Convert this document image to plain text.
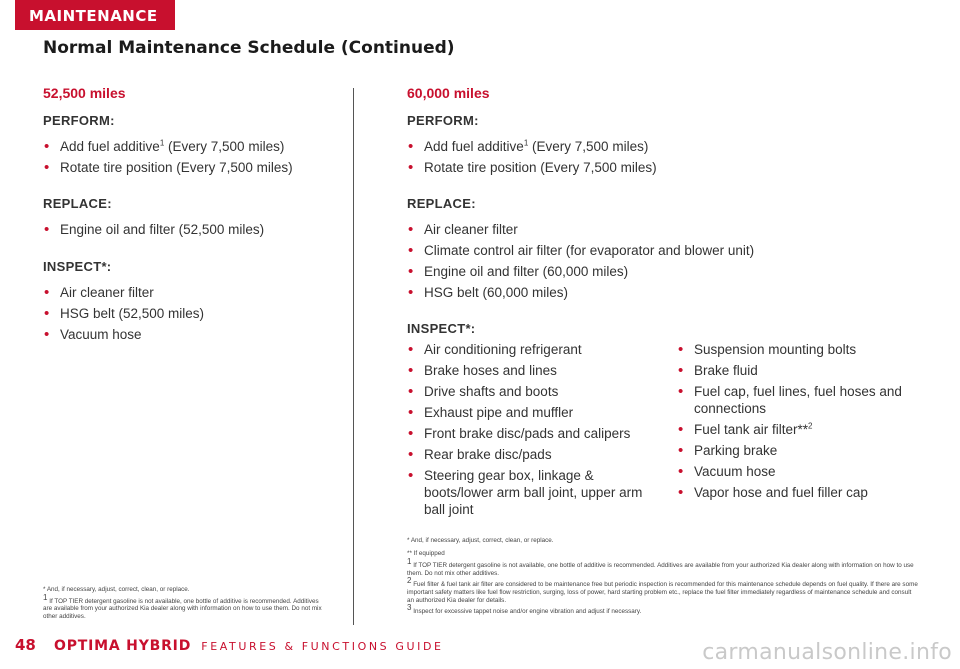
MAINTENANCE
Normal Maintenance Schedule (Continued)
52,500 miles
PERFORM:
• Add fuel additive$^1$ (Every 7,500 miles)
• Rotate tire position (Every 7,500 miles)
REPLACE:
• Engine oil and filter (52,500 miles)
INSPECT*:
• Air cleaner filter
• HSG belt (52,500 miles)
• Vacuum hose
* And, if necessary, adjust, correct, clean, or replace.
$^1$ If TOP TIER detergent gasoline is not available, one bottle of additive is recommended. Additives are available from your authorized Kia dealer along with information on how to use them. Do not mix other additives.
60,000 miles
PERFORM:
• Add fuel additive$^1$ (Every 7,500 miles)
• Rotate tire position (Every 7,500 miles)
REPLACE:
• Air cleaner filter
• Climate control air filter (for evaporator and blower unit)
• Engine oil and filter (60,000 miles)
• HSG belt (60,000 miles)
INSPECT*:
• Air conditioning refrigerant
• Brake hoses and lines
• Drive shafts and boots
• Exhaust pipe and muffler
• Front brake disc/pads and calipers
• Rear brake disc/pads
• Steering gear box, linkage & boots/lower arm ball joint, upper arm ball joint
• Suspension mounting bolts
• Brake fluid
• Fuel cap, fuel lines, fuel hoses and connections
• Fuel tank air filter**$^2$
• Parking brake
• Vacuum hose
• Vapor hose and fuel filler cap
* And, if necessary, adjust, correct, clean, or replace.
** If equipped
$^1$ If TOP TIER detergent gasoline is not available, one bottle of additive is recommended. Additives are available from your authorized Kia dealer along with information on how to use them. Do not mix other additives.
$^2$ Fuel filter & fuel tank air filter are considered to be maintenance free but periodic inspection is recommended for this maintenance schedule depends on fuel quality. If there are some important safety matters like fuel flow restriction, surging, loss of power, hard starting problem etc., replace the fuel filter immediately regardless of maintenance schedule and consult an authorized Kia dealer for details.
$^3$ Inspect for excessive tappet noise and/or engine vibration and adjust if necessary.
48 OPTIMA HYBRID FEATURES & FUNCTIONS GUIDE	carmanualsonline.info
